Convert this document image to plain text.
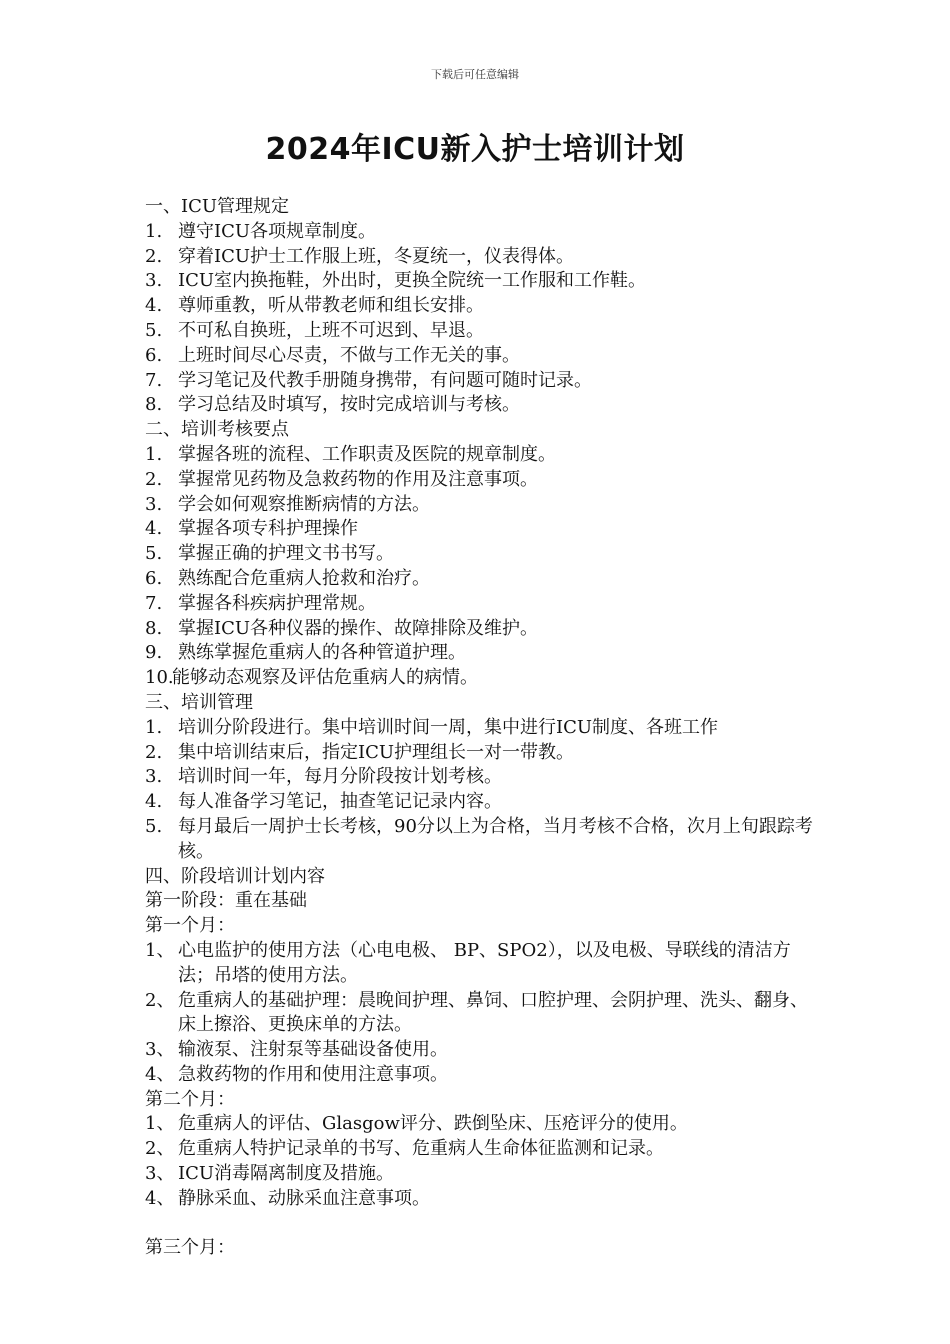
下载后可任意编辑
2024年ICU新入护士培训计划
一、ICU管理规定
1. 遵守ICU各项规章制度。
2. 穿着ICU护士工作服上班，冬夏统一，仪表得体。
3. ICU室内换拖鞋，外出时，更换全院统一工作服和工作鞋。
4. 尊师重教，听从带教老师和组长安排。
5. 不可私自换班，上班不可迟到、早退。
6. 上班时间尽心尽责，不做与工作无关的事。
7. 学习笔记及代教手册随身携带，有问题可随时记录。
8. 学习总结及时填写，按时完成培训与考核。
二、培训考核要点
1. 掌握各班的流程、工作职责及医院的规章制度。
2. 掌握常见药物及急救药物的作用及注意事项。
3. 学会如何观察推断病情的方法。
4. 掌握各项专科护理操作
5. 掌握正确的护理文书书写。
6. 熟练配合危重病人抢救和治疗。
7. 掌握各科疾病护理常规。
8. 掌握ICU各种仪器的操作、故障排除及维护。
9. 熟练掌握危重病人的各种管道护理。
10.
能够动态观察及评估危重病人的病情。
三、培训管理
1. 培训分阶段进行。集中培训时间一周，集中进行ICU制度、各班工作
2. 集中培训结束后，指定ICU护理组长一对一带教。
3. 培训时间一年，每月分阶段按计划考核。
4. 每人准备学习笔记，抽查笔记记录内容。
5. 每月最后一周护士长考核，90分以上为合格，当月考核不合格，次月上旬跟踪考核。
四、阶段培训计划内容
第一阶段：重在基础
第一个月：
1、 心电监护的使用方法（心电电极、 BP、SPO2），以及电极、导联线的清洁方法；吊塔的使用方法。
2、 危重病人的基础护理：晨晚间护理、鼻饲、口腔护理、会阴护理、洗头、翻身、床上擦浴、更换床单的方法。
3、 输液泵、注射泵等基础设备使用。
4、 急救药物的作用和使用注意事项。
第二个月：
1、 危重病人的评估、Glasgow评分、跌倒坠床、压疮评分的使用。
2、 危重病人特护记录单的书写、危重病人生命体征监测和记录。
3、 ICU消毒隔离制度及措施。
4、 静脉采血、动脉采血注意事项。
第三个月：
